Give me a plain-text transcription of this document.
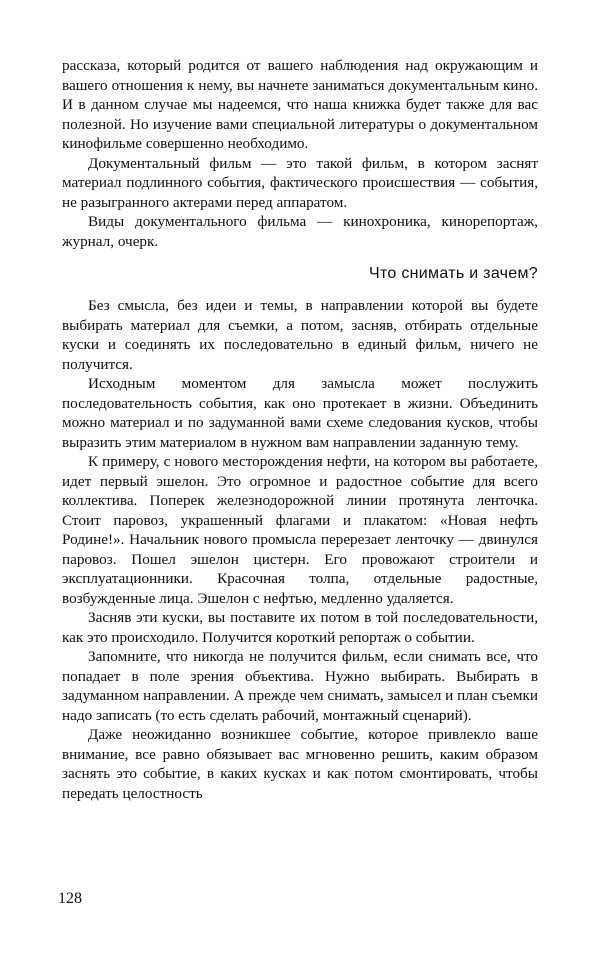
рассказа, который родится от вашего наблюдения над окружающим и вашего отношения к нему, вы начнете заниматься документальным кино. И в данном случае мы надеемся, что наша книжка будет также для вас полезной. Но изучение вами специальной литературы о документальном кинофильме совершенно необходимо.

Документальный фильм — это такой фильм, в котором заснят материал подлинного события, фактического происшествия — события, не разыгранного актерами перед аппаратом.

Виды документального фильма — кинохроника, кинорепортаж, журнал, очерк.

Что снимать и зачем?

Без смысла, без идеи и темы, в направлении которой вы будете выбирать материал для съемки, а потом, засняв, отбирать отдельные куски и соединять их последовательно в единый фильм, ничего не получится.

Исходным моментом для замысла может послужить последовательность события, как оно протекает в жизни. Объединить можно материал и по задуманной вами схеме следования кусков, чтобы выразить этим материалом в нужном вам направлении заданную тему.

К примеру, с нового месторождения нефти, на котором вы работаете, идет первый эшелон. Это огромное и радостное событие для всего коллектива. Поперек железнодорожной линии протянута ленточка. Стоит паровоз, украшенный флагами и плакатом: «Новая нефть Родине!». Начальник нового промысла перерезает ленточку — двинулся паровоз. Пошел эшелон цистерн. Его провожают строители и эксплуатационники. Красочная толпа, отдельные радостные, возбужденные лица. Эшелон с нефтью, медленно удаляется.

Засняв эти куски, вы поставите их потом в той последовательности, как это происходило. Получится короткий репортаж о событии.

Запомните, что никогда не получится фильм, если снимать все, что попадает в поле зрения объектива. Нужно выбирать. Выбирать в задуманном направлении. А прежде чем снимать, замысел и план съемки надо записать (то есть сделать рабочий, монтажный сценарий).

Даже неожиданно возникшее событие, которое привлекло ваше внимание, все равно обязывает вас мгновенно решить, каким образом заснять это событие, в каких кусках и как потом смонтировать, чтобы передать целостность

128
